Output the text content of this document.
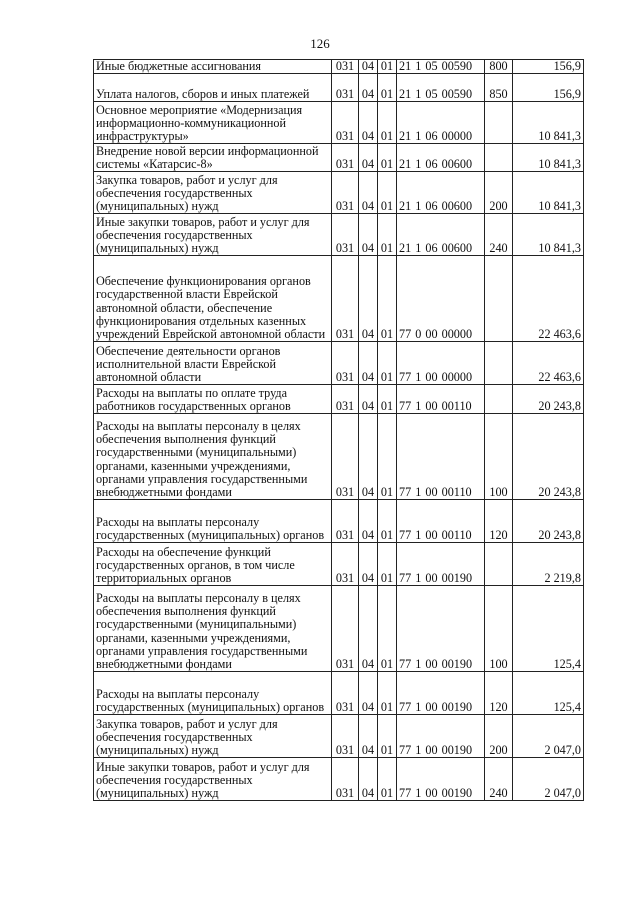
126
Иные бюджетные ассигнования	031	04	01	21 1 05 00590	800	156,9
Уплата налогов, сборов и иных платежей	031	04	01	21 1 05 00590	850	156,9
Основное мероприятие «Модернизация информационно-коммуникационной инфраструктуры»	031	04	01	21 1 06 00000		10 841,3
Внедрение новой версии информационной системы «Катарсис-8»	031	04	01	21 1 06 00600		10 841,3
Закупка товаров, работ и услуг для обеспечения государственных (муниципальных) нужд	031	04	01	21 1 06 00600	200	10 841,3
Иные закупки товаров, работ и услуг для обеспечения государственных (муниципальных) нужд	031	04	01	21 1 06 00600	240	10 841,3
Обеспечение функционирования органов государственной власти Еврейской автономной области, обеспечение функционирования отдельных казенных учреждений Еврейской автономной области	031	04	01	77 0 00 00000		22 463,6
Обеспечение деятельности органов исполнительной власти Еврейской автономной области	031	04	01	77 1 00 00000		22 463,6
Расходы на выплаты по оплате труда работников государственных органов	031	04	01	77 1 00 00110		20 243,8
Расходы на выплаты персоналу в целях обеспечения выполнения функций государственными (муниципальными) органами, казенными учреждениями, органами управления государственными внебюджетными фондами	031	04	01	77 1 00 00110	100	20 243,8
Расходы на выплаты персоналу государственных (муниципальных) органов	031	04	01	77 1 00 00110	120	20 243,8
Расходы на обеспечение функций государственных органов, в том числе территориальных органов	031	04	01	77 1 00 00190		2 219,8
Расходы на выплаты персоналу в целях обеспечения выполнения функций государственными (муниципальными) органами, казенными учреждениями, органами управления государственными внебюджетными фондами	031	04	01	77 1 00 00190	100	125,4
Расходы на выплаты персоналу государственных (муниципальных) органов	031	04	01	77 1 00 00190	120	125,4
Закупка товаров, работ и услуг для обеспечения государственных (муниципальных) нужд	031	04	01	77 1 00 00190	200	2 047,0
Иные закупки товаров, работ и услуг для обеспечения государственных (муниципальных) нужд	031	04	01	77 1 00 00190	240	2 047,0
